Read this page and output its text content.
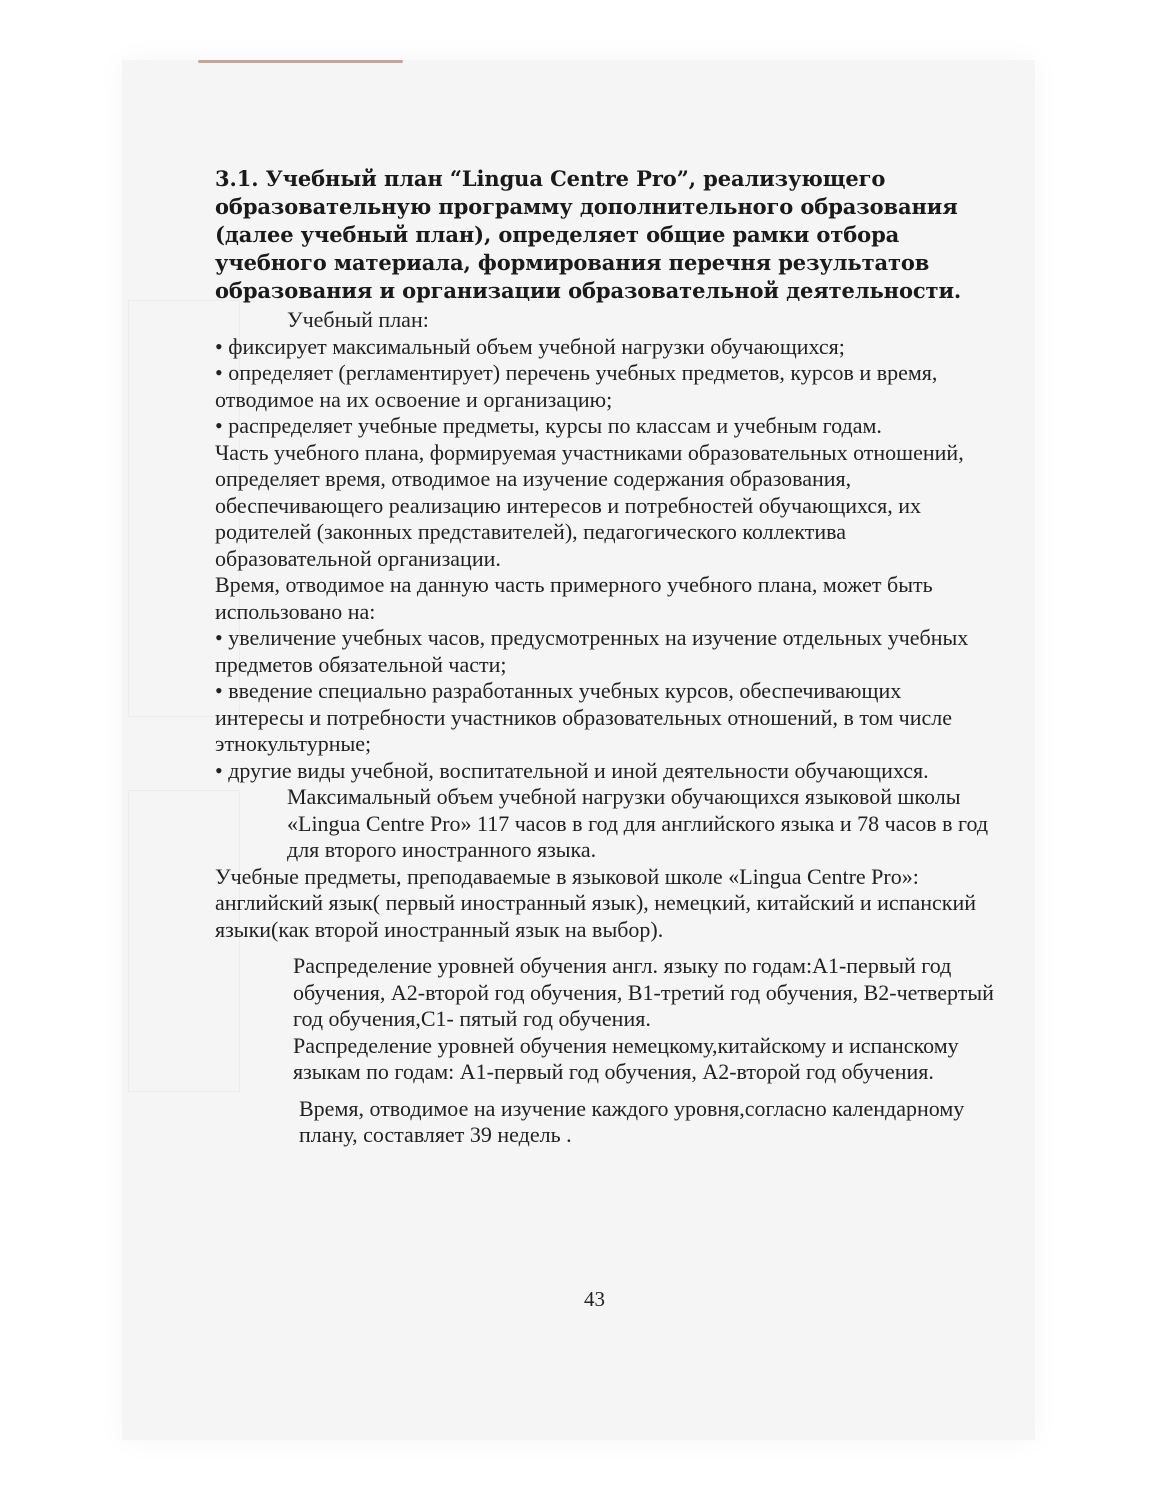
3.1. Учебный план “Lingua Centre Pro”, реализующего образовательную программу дополнительного образования (далее учебный план), определяет общие рамки отбора учебного материала, формирования перечня результатов образования и организации образовательной деятельности.

Учебный план:

• фиксирует максимальный объем учебной нагрузки обучающихся;

• определяет (регламентирует) перечень учебных предметов, курсов и время, отводимое на их освоение и организацию;

• распределяет учебные предметы, курсы по классам и учебным годам.

Часть учебного плана, формируемая участниками образовательных отношений, определяет время, отводимое на изучение содержания образования, обеспечивающего реализацию интересов и потребностей обучающихся, их родителей (законных представителей), педагогического коллектива образовательной организации.

Время, отводимое на данную часть примерного учебного плана, может быть использовано на:

• увеличение учебных часов, предусмотренных на изучение отдельных учебных предметов обязательной части;

• введение специально разработанных учебных курсов, обеспечивающих интересы и потребности участников образовательных отношений, в том числе этнокультурные;

• другие виды учебной, воспитательной и иной деятельности обучающихся.

Максимальный объем учебной нагрузки обучающихся языковой школы «Lingua Centre Pro» 117 часов в год для английского языка и 78 часов в год для второго иностранного языка.

Учебные предметы, преподаваемые в языковой школе «Lingua Centre Pro»: английский язык( первый иностранный язык), немецкий, китайский и испанский языки(как второй иностранный язык на выбор).

Распределение уровней обучения англ. языку по годам:А1-первый год обучения, А2-второй год обучения, В1-третий год обучения, В2-четвертый год обучения,С1- пятый год обучения.

Распределение уровней обучения немецкому,китайскому и испанскому языкам по годам: А1-первый год обучения, А2-второй год обучения.

Время, отводимое на изучение каждого уровня,согласно календарному плану, составляет 39 недель .

43
